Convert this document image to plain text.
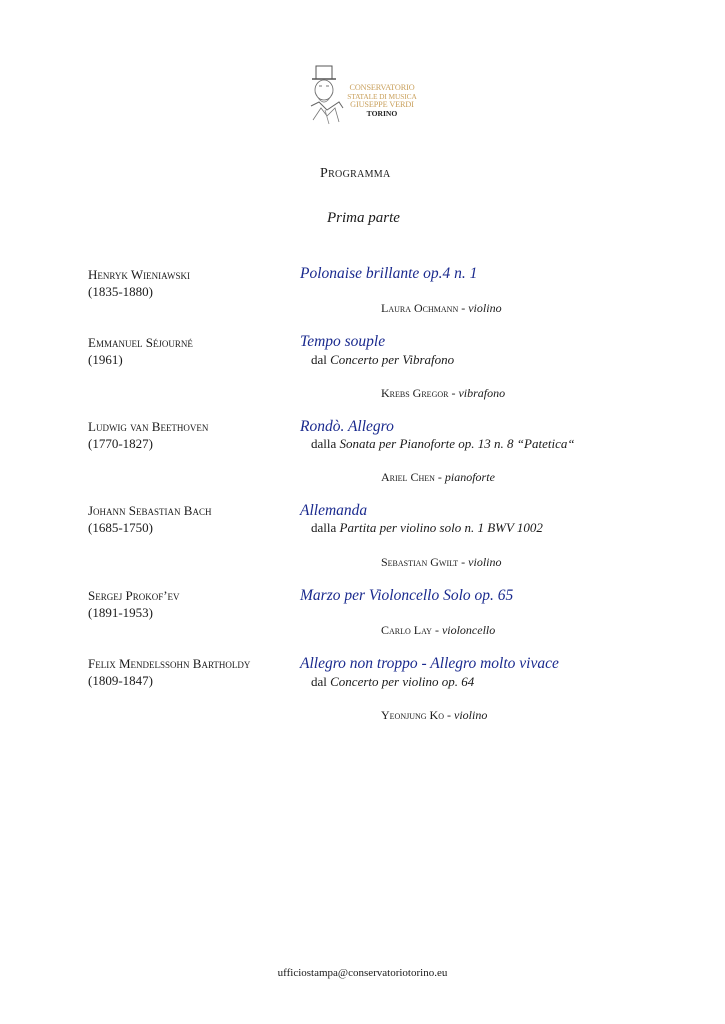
CONSERVATORIO
STATALE DI MUSICA
GIUSEPPE VERDI
TORINO
Programma
Prima parte
Henryk Wieniawski
(1835-1880)
Polonaise brillante op.4 n. 1
Laura Ochmann - violino
Emmanuel Séjourné
(1961)
Tempo souple
dal Concerto per Vibrafono
Krebs Gregor - vibrafono
Ludwig van Beethoven
(1770-1827)
Rondò. Allegro
dalla Sonata per Pianoforte op. 13 n. 8 “Patetica“
Ariel Chen - pianoforte
Johann Sebastian Bach
(1685-1750)
Allemanda
dalla Partita per violino solo n. 1 BWV 1002
Sebastian Gwilt - violino
Sergej Prokof’ev
(1891-1953)
Marzo per Violoncello Solo op. 65
Carlo Lay - violoncello
Felix Mendelssohn Bartholdy
(1809-1847)
Allegro non troppo - Allegro molto vivace
dal Concerto per violino op. 64
Yeonjung Ko - violino
ufficiostampa@conservatoriotorino.eu
